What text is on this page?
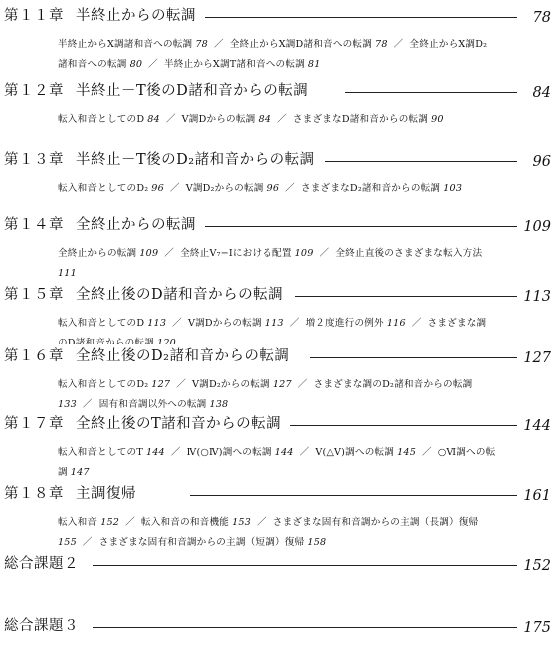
第１１章 半終止からの転調	78
半終止からX調諸和音への転調 78 ／ 全終止からX調D諸和音への転調 78 ／ 全終止からX調D₂
諸和音への転調 80 ／ 半終止からX調T諸和音への転調 81
第１２章 半終止－T後のD諸和音からの転調	84
転入和音としてのD 84 ／ V調Dからの転調 84 ／ さまざまなD諸和音からの転調 90
第１３章 半終止－T後のD₂諸和音からの転調	96
転入和音としてのD₂ 96 ／ V調D₂からの転調 96 ／ さまざまなD₂諸和音からの転調 103
第１４章 全終止からの転調	109
全終止からの転調 109 ／ 全終止V₇−Iにおける配置 109 ／ 全終止直後のさまざまな転入方法
111
第１５章 全終止後のD諸和音からの転調	113
転入和音としてのD 113 ／ V調Dからの転調 113 ／ 増２度進行の例外 116 ／ さまざまな調
第１６章 全終止後のD₂諸和音からの転調	127
転入和音としてのD₂ 127 ／ V調D₂からの転調 127 ／ さまざまな調のD₂諸和音からの転調
133 ／ 固有和音調以外への転調 138
第１７章 全終止後のT諸和音からの転調	144
転入和音としてのT 144 ／ Ⅳ(○Ⅳ)調への転調 144 ／ Ⅴ(△Ⅴ)調への転調 145 ／ ○Ⅵ調への転
調 147
第１８章 主調復帰	161
転入和音 152 ／ 転入和音の和音機能 153 ／ さまざまな固有和音調からの主調（長調）復帰
155 ／ さまざまな固有和音調からの主調（短調）復帰 158
総合課題２	152
総合課題３	175
